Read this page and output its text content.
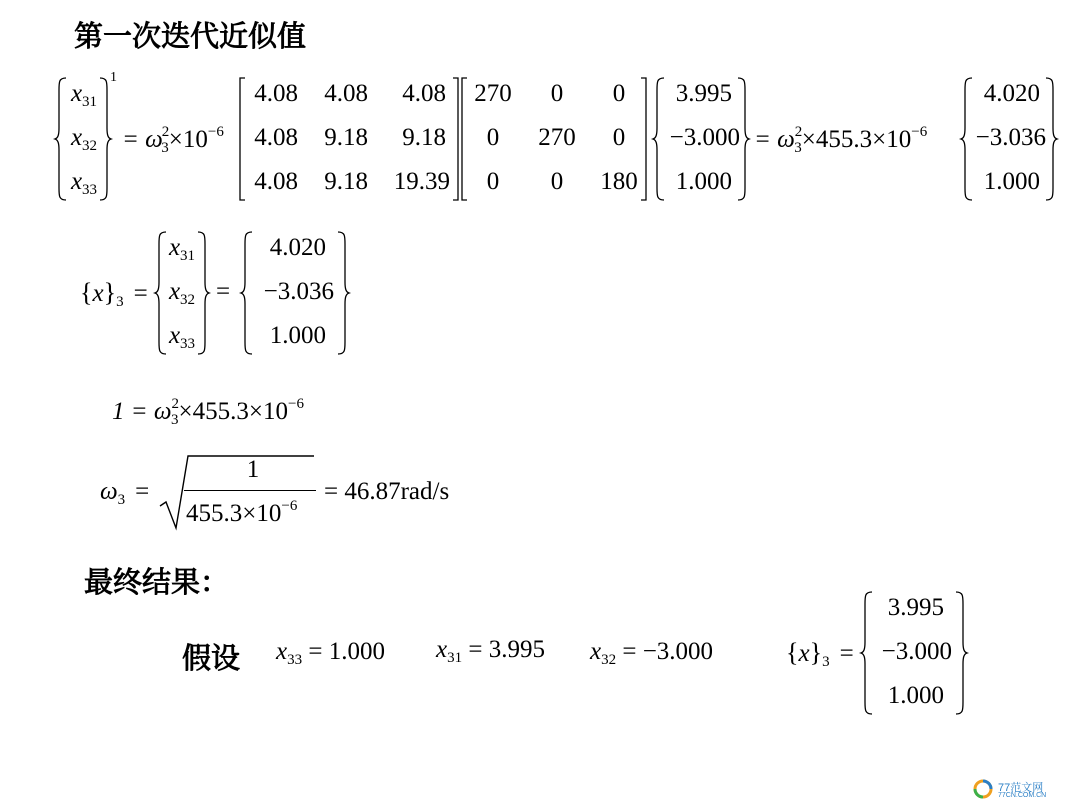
第一次迭代近似值
$x_{31}$
$x_{32}$
$x_{33}$
1
= $\omega^2_3\times 10^{-6}$
4.08	4.08	4.08
4.08	9.18	9.18
4.08	9.18 19.39
270	0	0
0	270	0
0	0	180
3.995
−3.000
1.000
= $\omega^2_3\times 455.3\times 10^{-6}$
4.020
−3.036
1.000
$\{x\}_3$ =
$x_{31}$
$x_{32}$
$x_{33}$
=
4.020
−3.036
1.000
$1 = \omega^2_3\times 455.3\times 10^{-6}$
$\omega_3$ =
1
$455.3\times 10^{-6}$
= 46.87rad/s
最终结果：
假设 $x_{33} = 1.000$ $x_{31} = 3.995$ $x_{32} = -3.000$	$\{x\}_3$ =
3.995
−3.000
1.000
77范文网
77CN.COM.CN
